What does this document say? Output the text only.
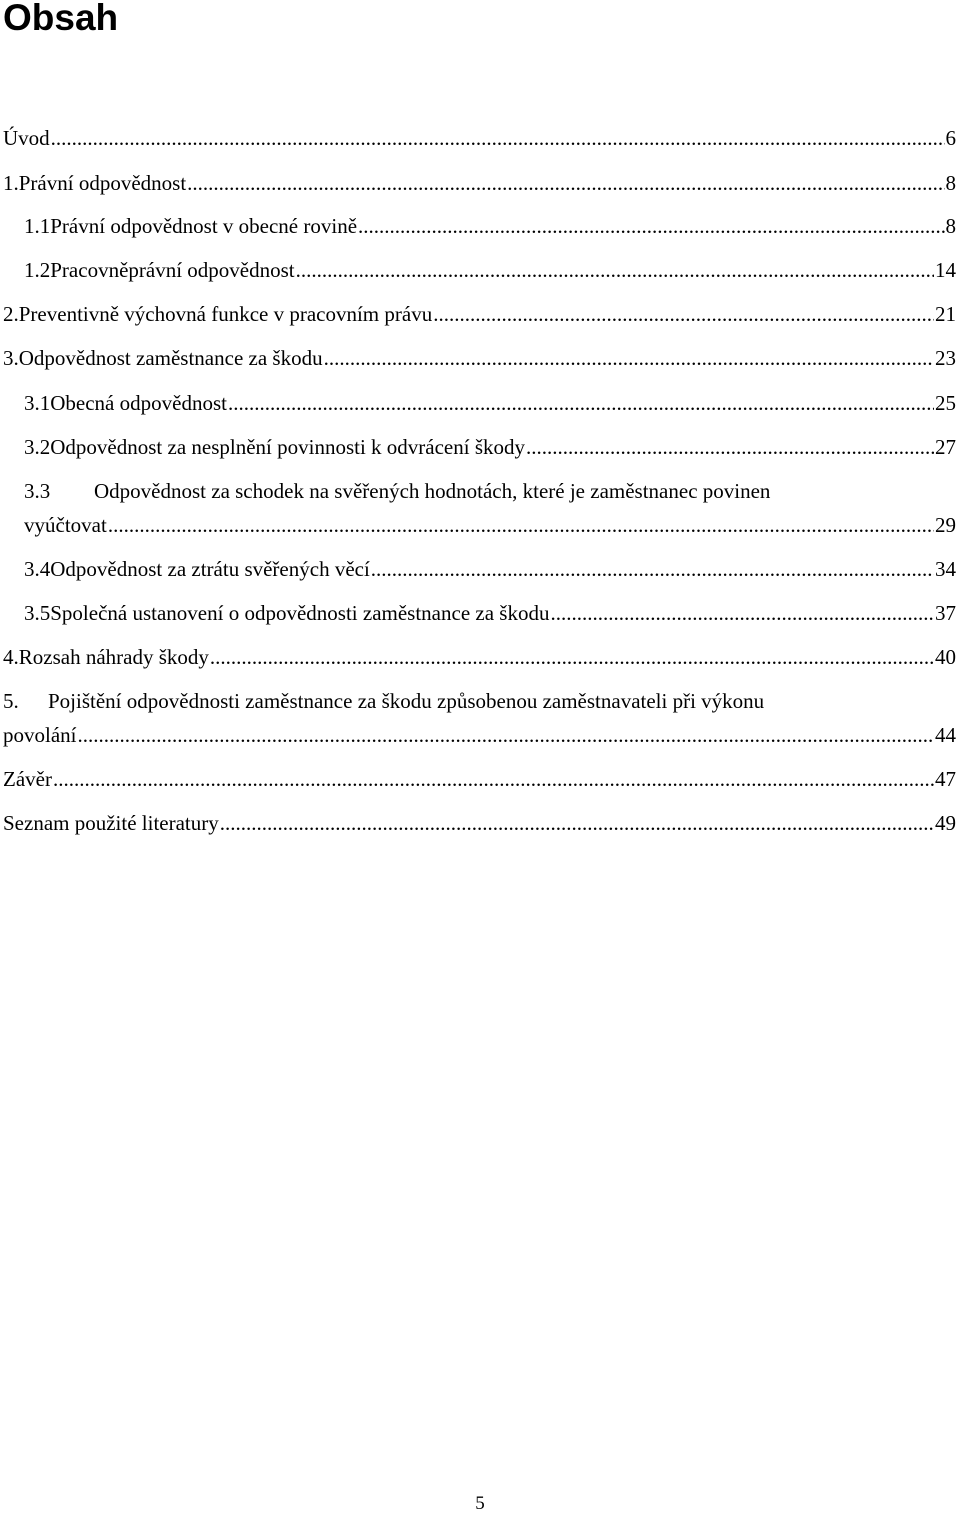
Obsah
Úvod .....	6
1. Právní odpovědnost .....	8
1.1 Právní odpovědnost v obecné rovině .....	8
1.2 Pracovněprávní odpovědnost .....	14
2. Preventivně výchovná funkce v pracovním právu .....	21
3. Odpovědnost zaměstnance za škodu .....	23
3.1 Obecná odpovědnost .....	25
3.2 Odpovědnost za nesplnění povinnosti k odvrácení škody .....	27
3.3	Odpovědnost za schodek na svěřených hodnotách, které je zaměstnanec povinen
vyúčtovat .....	29
3.4 Odpovědnost za ztrátu svěřených věcí .....	34
3.5 Společná ustanovení o odpovědnosti zaměstnance za škodu .....	37
4. Rozsah náhrady škody .....	40
5.	Pojištění odpovědnosti zaměstnance za škodu způsobenou zaměstnavateli při výkonu
povolání .....	44
Závěr .....	47
Seznam použité literatury .....	49
5
